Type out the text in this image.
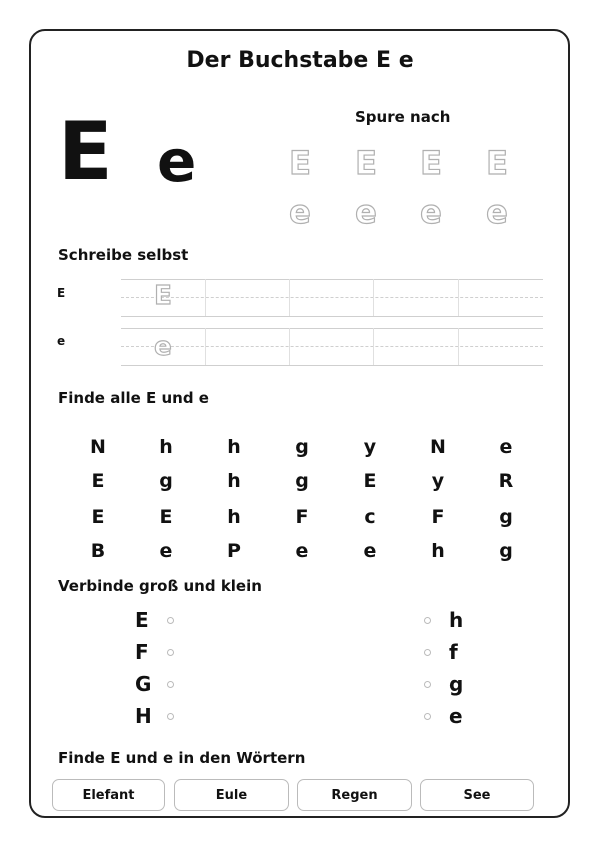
Der Buchstabe E e
E e
Spure nach
E E E E
e e e e
Schreibe selbst
E	E
e	e
Finde alle E und e
N	h	h	g	y	N	e
E	g	h	g	E	y	R
E	E	h	F	c	F	g
B	e	P	e	e	h	g
Verbinde groß und klein
E
F
G
H
h
f
g
e
Finde E und e in den Wörtern
Elefant	Eule	Regen	See
